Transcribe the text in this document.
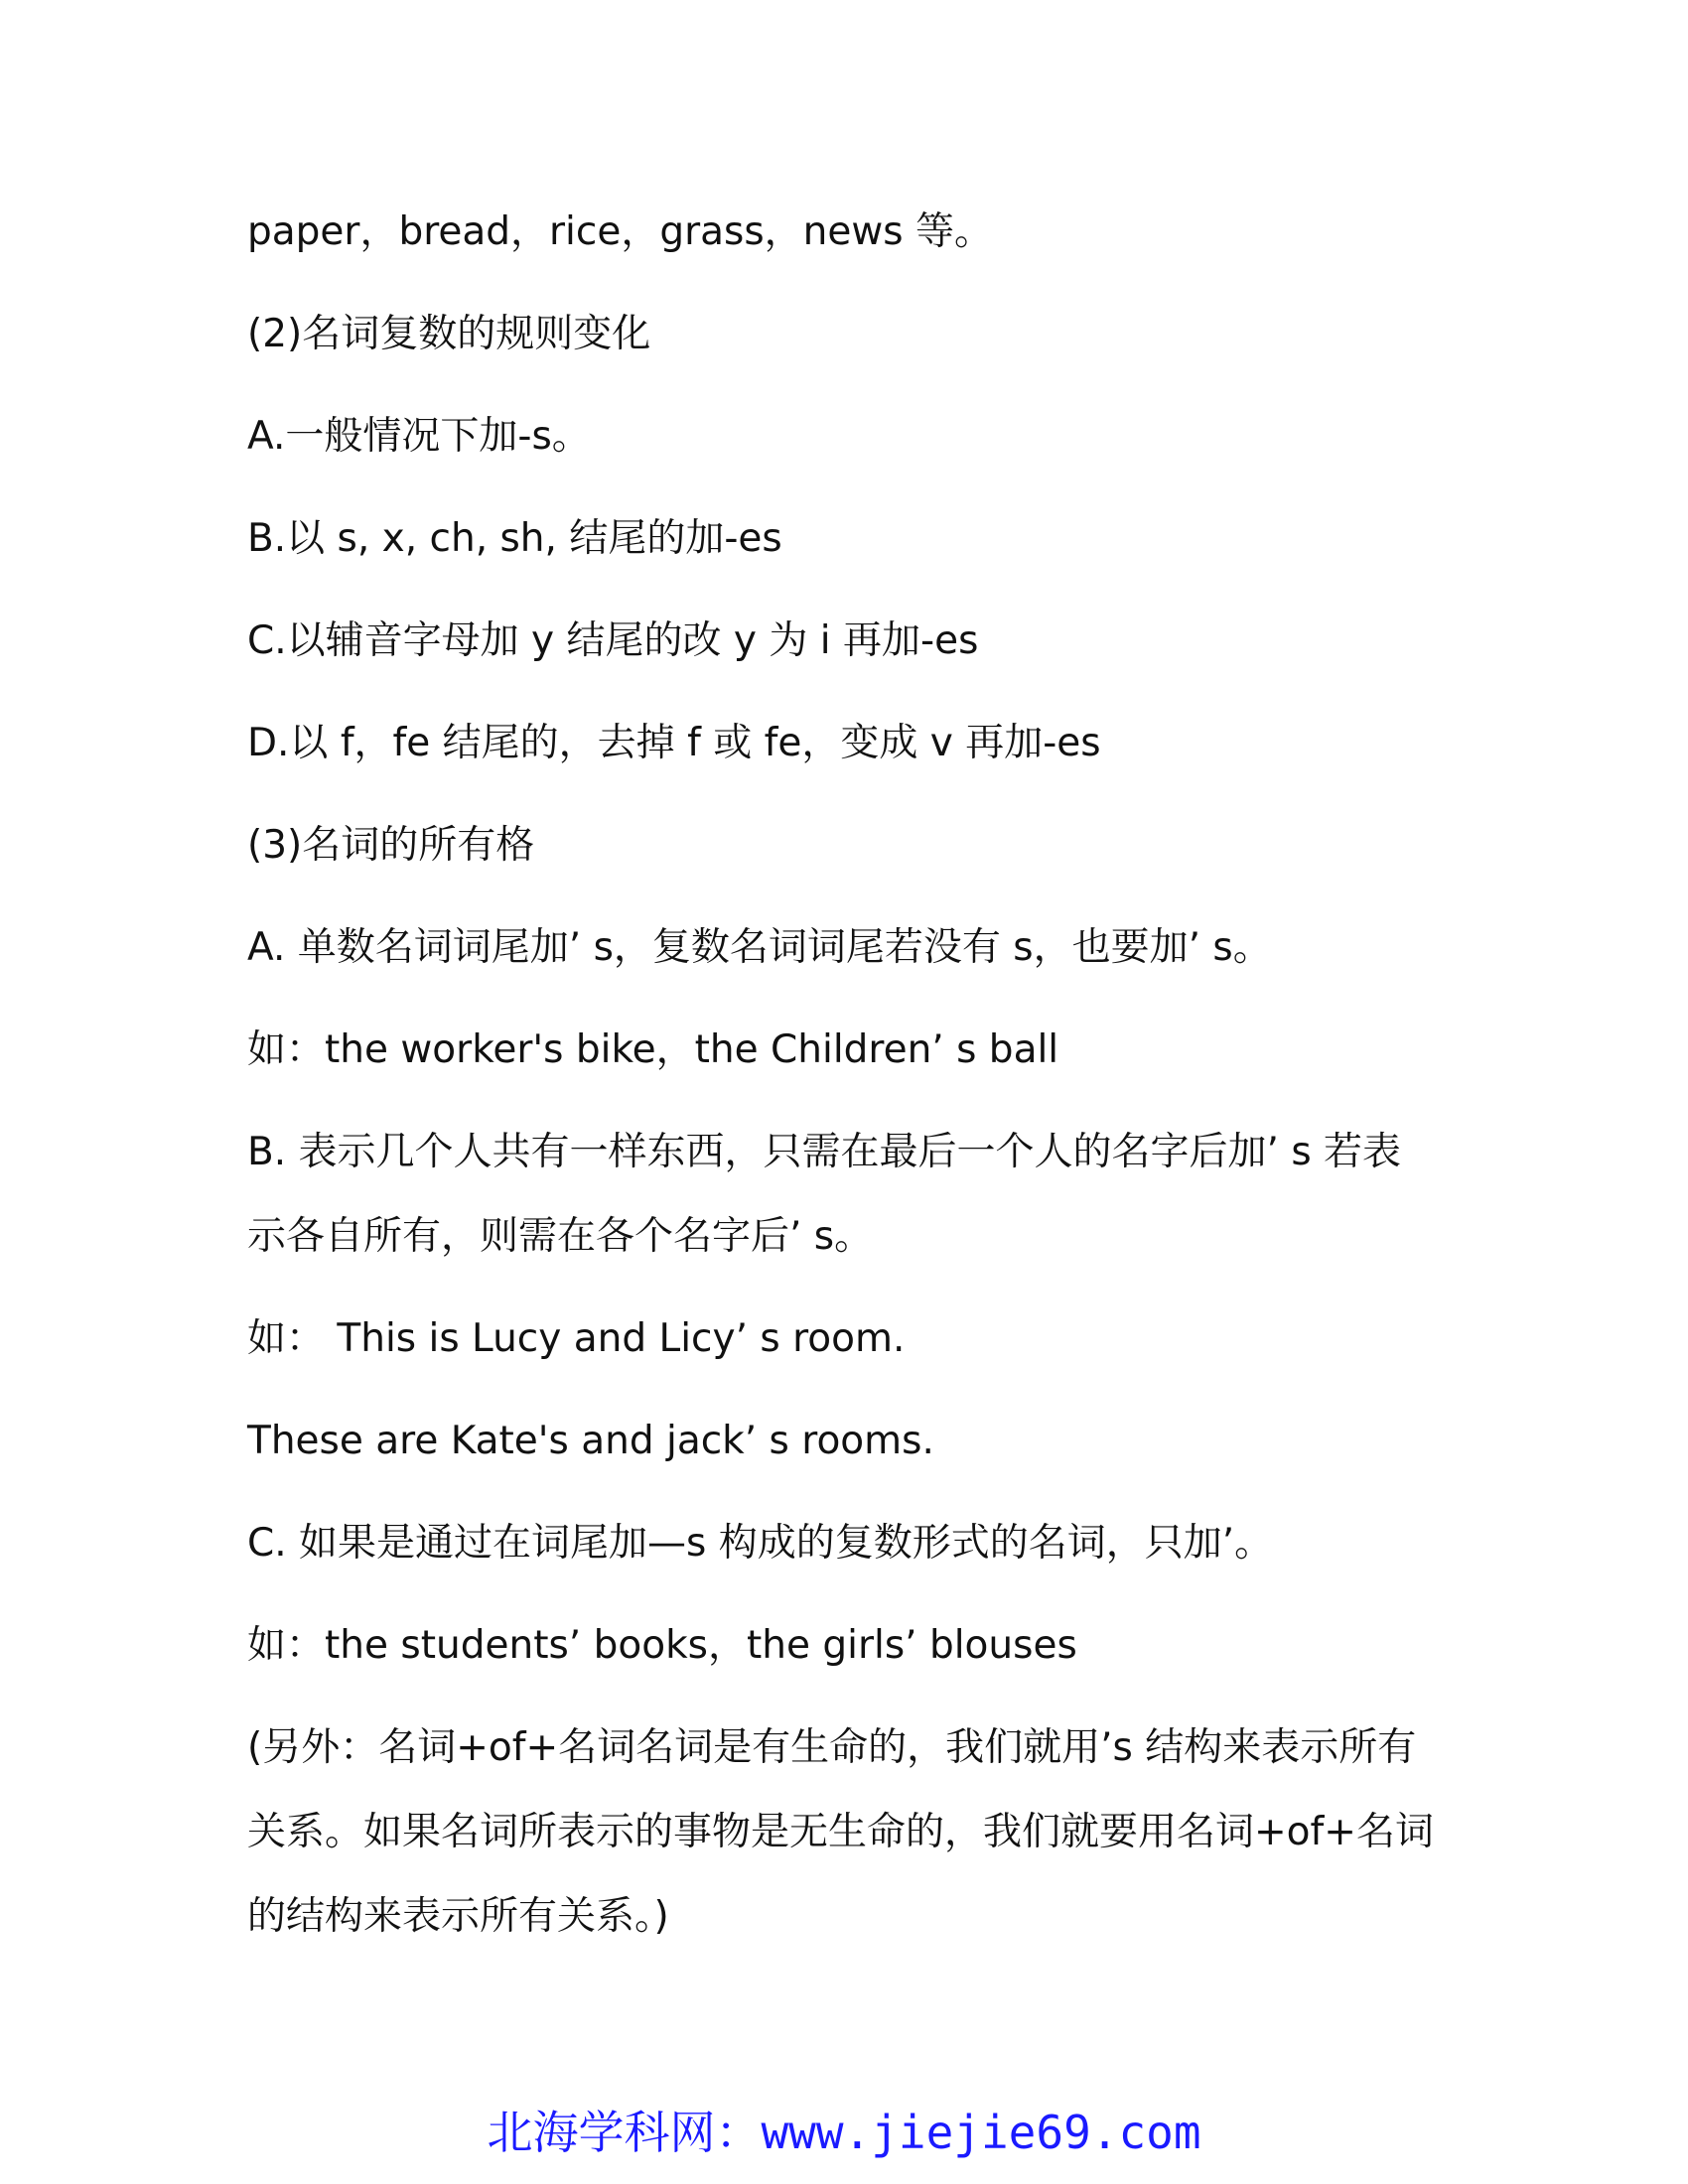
paper，bread，rice，grass，news 等。
(2)名词复数的规则变化
A.一般情况下加-s。
B.以 s, x, ch, sh, 结尾的加-es
C.以辅音字母加 y 结尾的改 y 为 i 再加-es
D.以 f，fe 结尾的，去掉 f 或 fe，变成 v 再加-es
(3)名词的所有格
A. 单数名词词尾加’ s，复数名词词尾若没有 s，也要加’ s。
如：the worker's bike，the Children’ s ball
B. 表示几个人共有一样东西，只需在最后一个人的名字后加’ s 若表
示各自所有，则需在各个名字后’ s。
如： This is Lucy and Licy’ s room.
These are Kate's and jack’ s rooms.
C. 如果是通过在词尾加—s 构成的复数形式的名词，只加’。
如：the students’ books，the girls’ blouses
(另外：名词+of+名词名词是有生命的，我们就用’s 结构来表示所有
关系。如果名词所表示的事物是无生命的，我们就要用名词+of+名词
的结构来表示所有关系。)
北海学科网：www.jiejie69.com
